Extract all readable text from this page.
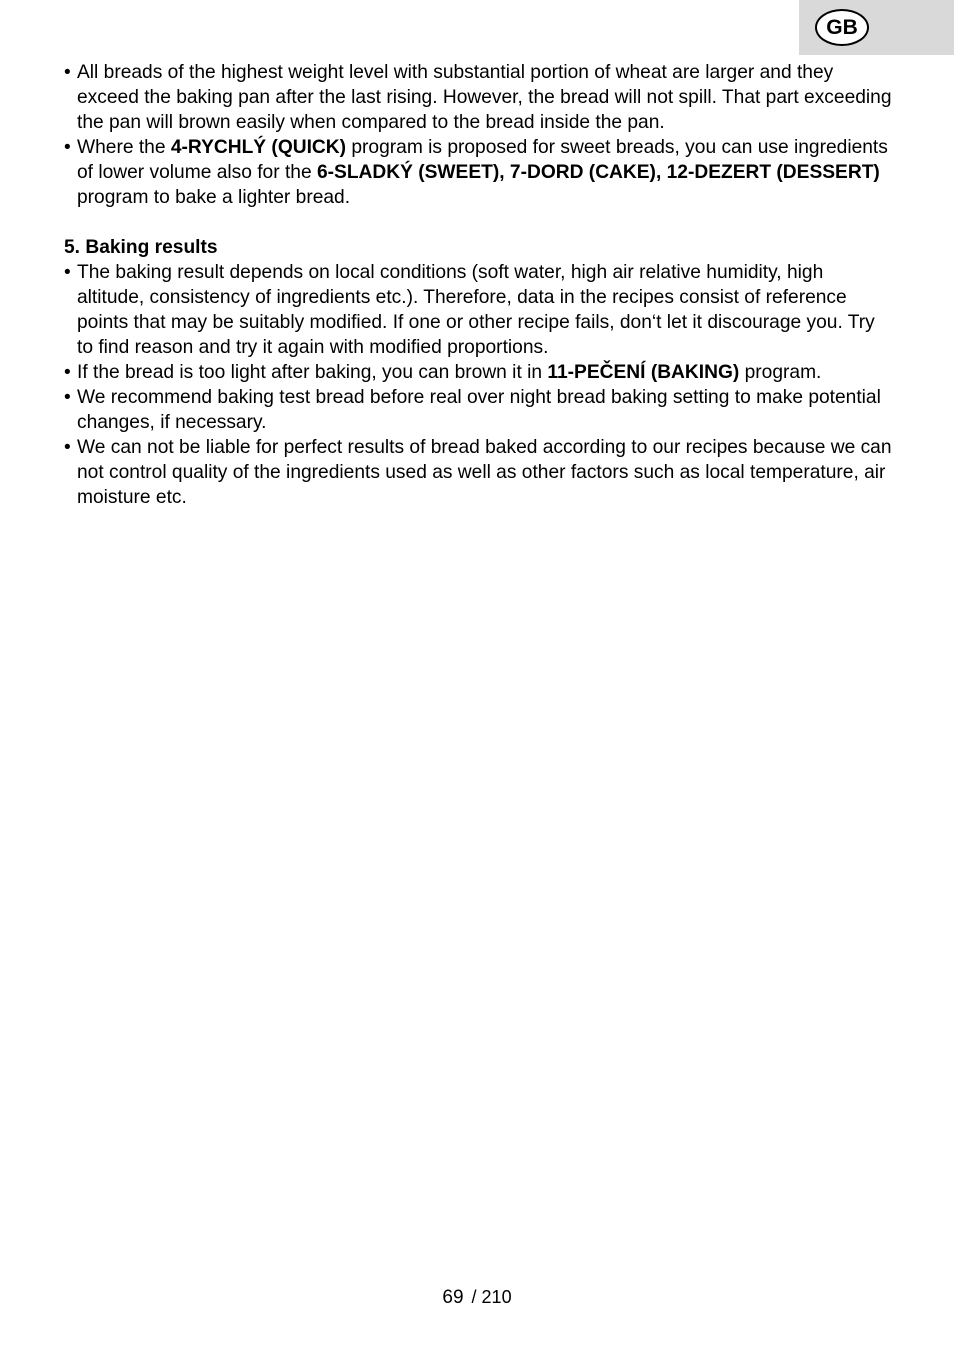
GB

• All breads of the highest weight level with substantial portion of wheat are larger and they exceed the baking pan after the last rising. However, the bread will not spill. That part exceeding the pan will brown easily when compared to the bread inside the pan.

• Where the 4-RYCHLÝ (QUICK) program is proposed for sweet breads, you can use ingredients of lower volume also for the 6-SLADKÝ (SWEET), 7-DORD (CAKE), 12-DEZERT (DESSERT) program to bake a lighter bread.

5. Baking results

• The baking result depends on local conditions (soft water, high air relative humidity, high altitude, consistency of ingredients etc.). Therefore, data in the recipes consist of reference points that may be suitably modified. If one or other recipe fails, don‘t let it discourage you. Try to find reason and try it again with modified proportions.

• If the bread is too light after baking, you can brown it in 11-PEČENÍ (BAKING) program.

• We recommend baking test bread before real over night bread baking setting to make potential changes, if necessary.

• We can not be liable for perfect results of bread baked according to our recipes because we can not control quality of the ingredients used as well as other factors such as local temperature, air moisture etc.

69 / 210
